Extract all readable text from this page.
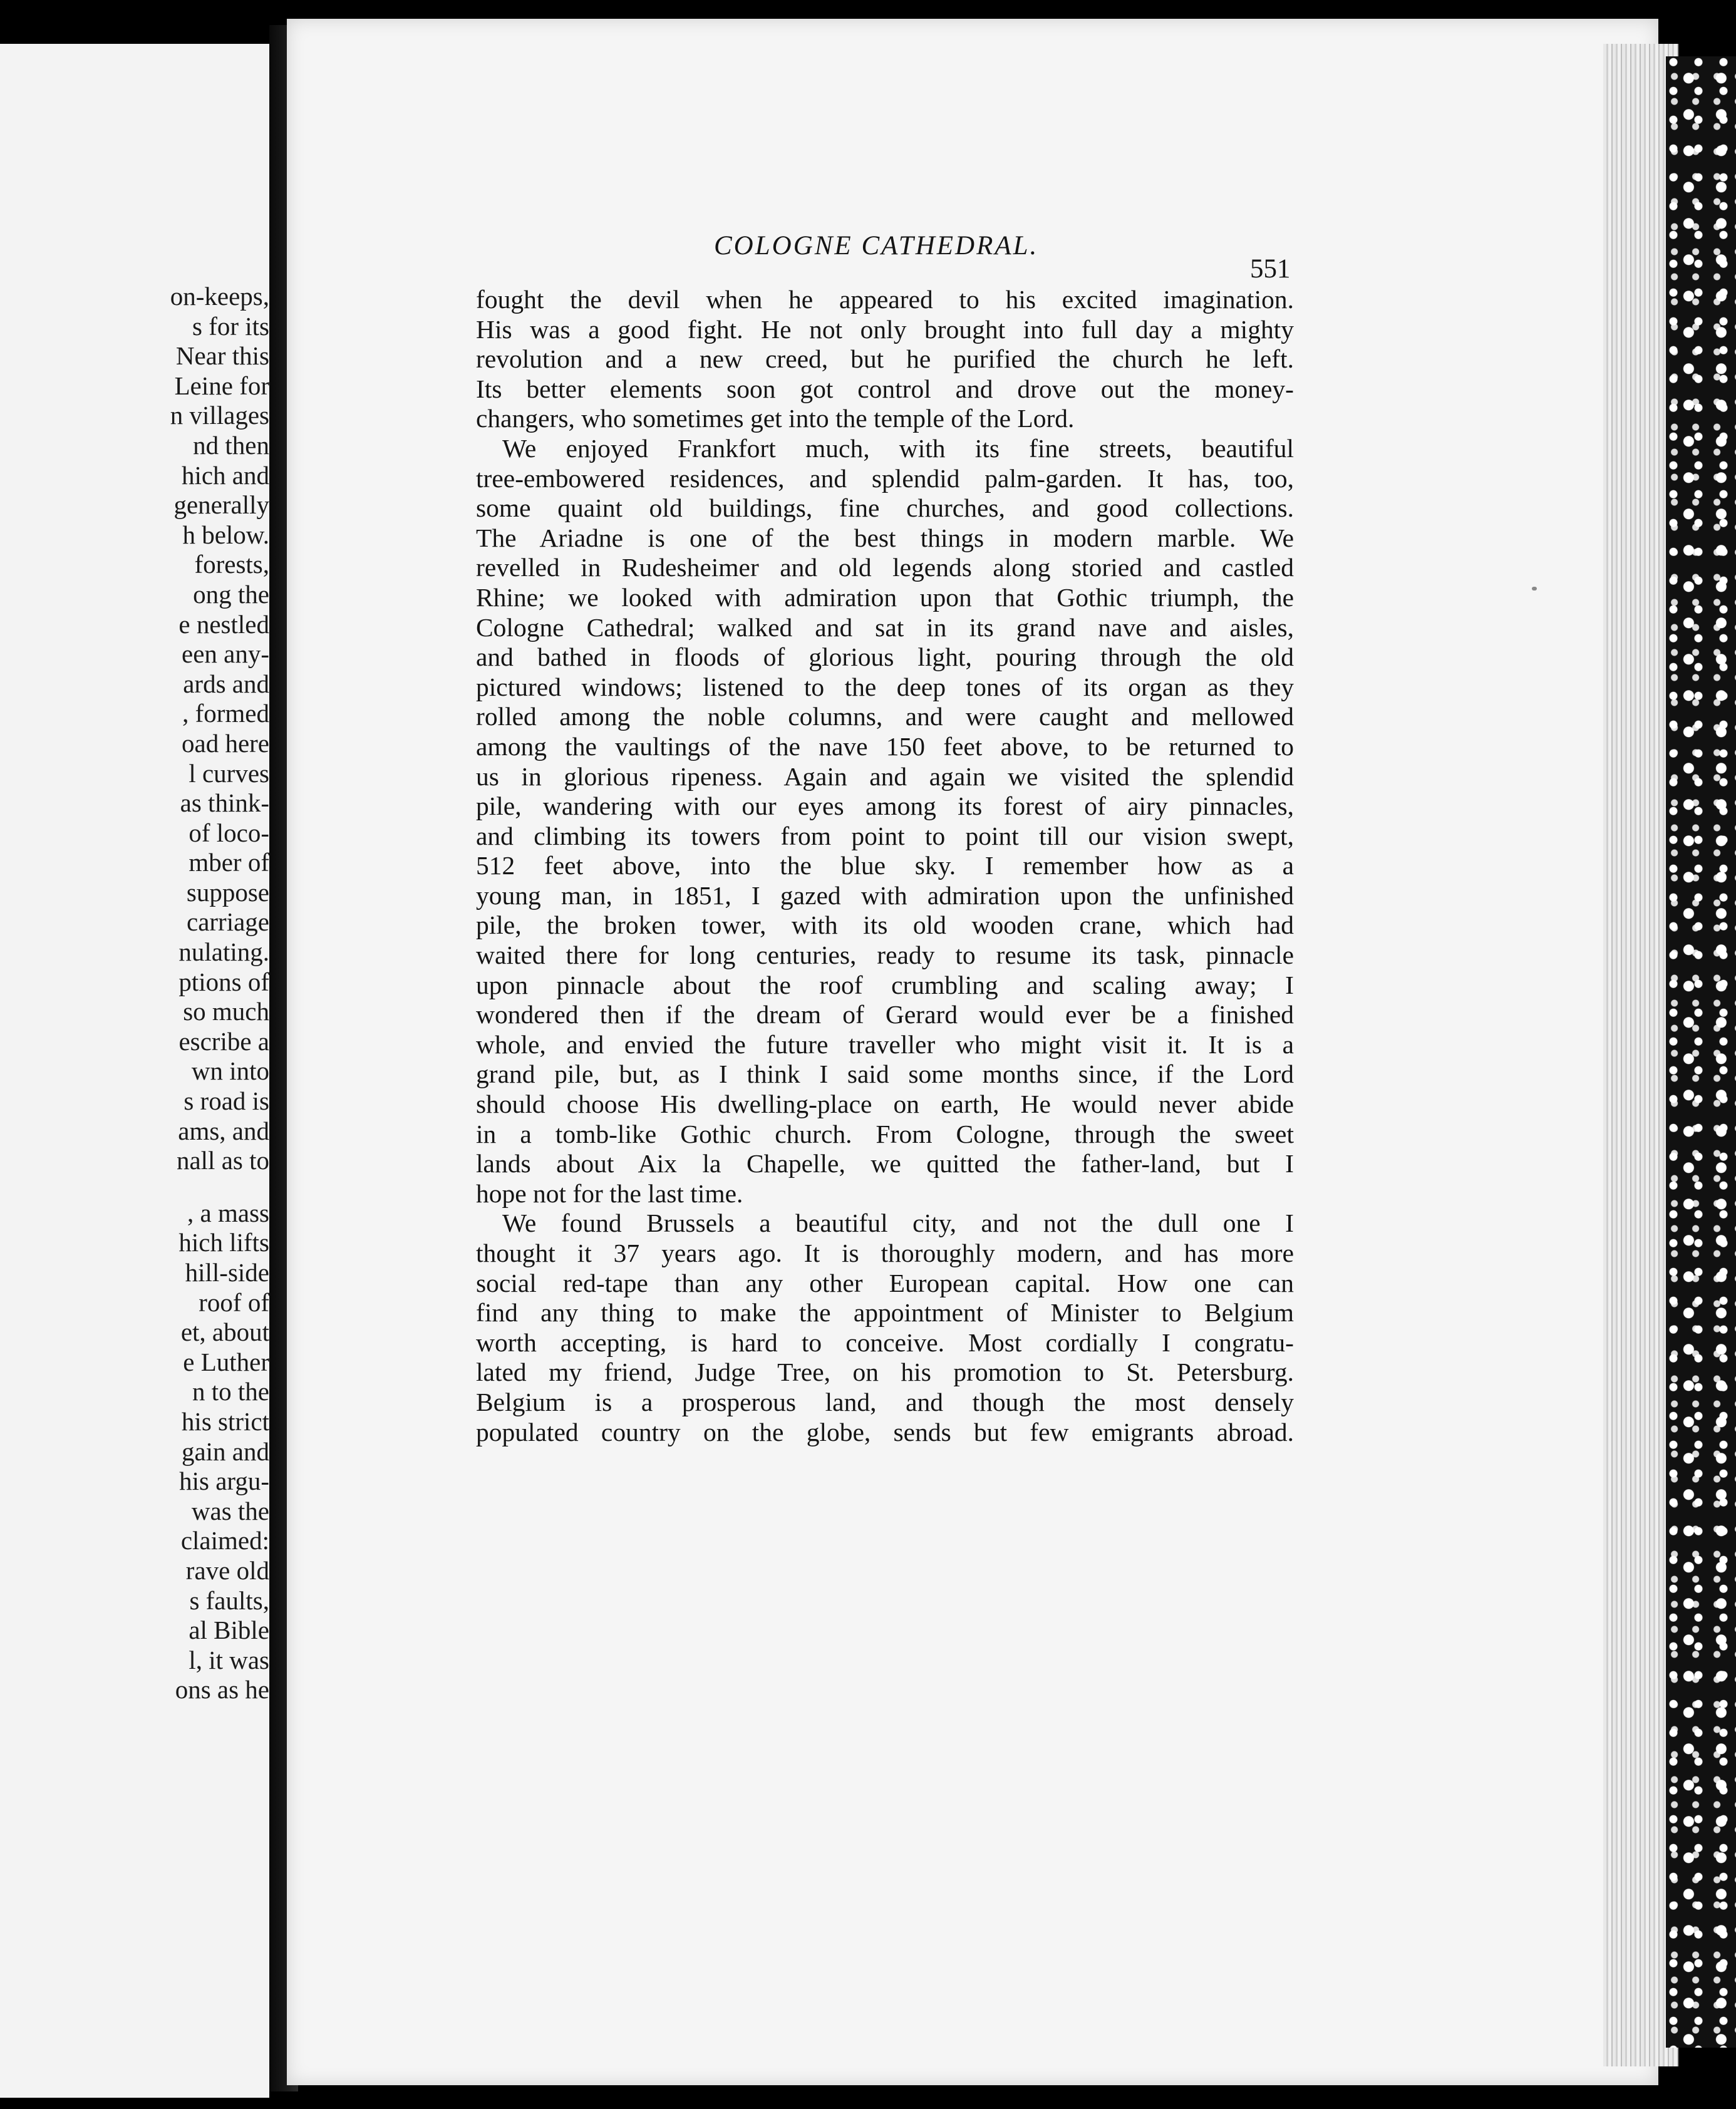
on-keeps,
s for its
Near this
Leine for
n villages
nd then
hich and
generally
h below.
forests,
ong the
e nestled
een any-
ards and
, formed
oad here
l curves
as think-
of loco-
mber of
suppose
carriage
nulating.
ptions of
so much
escribe a
wn into
s road is
ams, and
nall as to
, a mass
hich lifts
hill-side
roof of
et, about
e Luther
n to the
his strict
gain and
his argu-
was the
claimed:
rave old
s faults,
al Bible
l, it was
ons as he
COLOGNE CATHEDRAL.
551
fought the devil when he appeared to his excited imagination.
His was a good fight. He not only brought into full day a mighty
revolution and a new creed, but he purified the church he left.
Its better elements soon got control and drove out the money-
changers, who sometimes get into the temple of the Lord.
We enjoyed Frankfort much, with its fine streets, beautiful
tree-embowered residences, and splendid palm-garden. It has, too,
some quaint old buildings, fine churches, and good collections.
The Ariadne is one of the best things in modern marble. We
revelled in Rudesheimer and old legends along storied and castled
Rhine; we looked with admiration upon that Gothic triumph, the
Cologne Cathedral; walked and sat in its grand nave and aisles,
and bathed in floods of glorious light, pouring through the old
pictured windows; listened to the deep tones of its organ as they
rolled among the noble columns, and were caught and mellowed
among the vaultings of the nave 150 feet above, to be returned to
us in glorious ripeness. Again and again we visited the splendid
pile, wandering with our eyes among its forest of airy pinnacles,
and climbing its towers from point to point till our vision swept,
512 feet above, into the blue sky. I remember how as a
young man, in 1851, I gazed with admiration upon the unfinished
pile, the broken tower, with its old wooden crane, which had
waited there for long centuries, ready to resume its task, pinnacle
upon pinnacle about the roof crumbling and scaling away; I
wondered then if the dream of Gerard would ever be a finished
whole, and envied the future traveller who might visit it. It is a
grand pile, but, as I think I said some months since, if the Lord
should choose His dwelling-place on earth, He would never abide
in a tomb-like Gothic church. From Cologne, through the sweet
lands about Aix la Chapelle, we quitted the father-land, but I
hope not for the last time.
We found Brussels a beautiful city, and not the dull one I
thought it 37 years ago. It is thoroughly modern, and has more
social red-tape than any other European capital. How one can
find any thing to make the appointment of Minister to Belgium
worth accepting, is hard to conceive. Most cordially I congratu-
lated my friend, Judge Tree, on his promotion to St. Petersburg.
Belgium is a prosperous land, and though the most densely
populated country on the globe, sends but few emigrants abroad.
